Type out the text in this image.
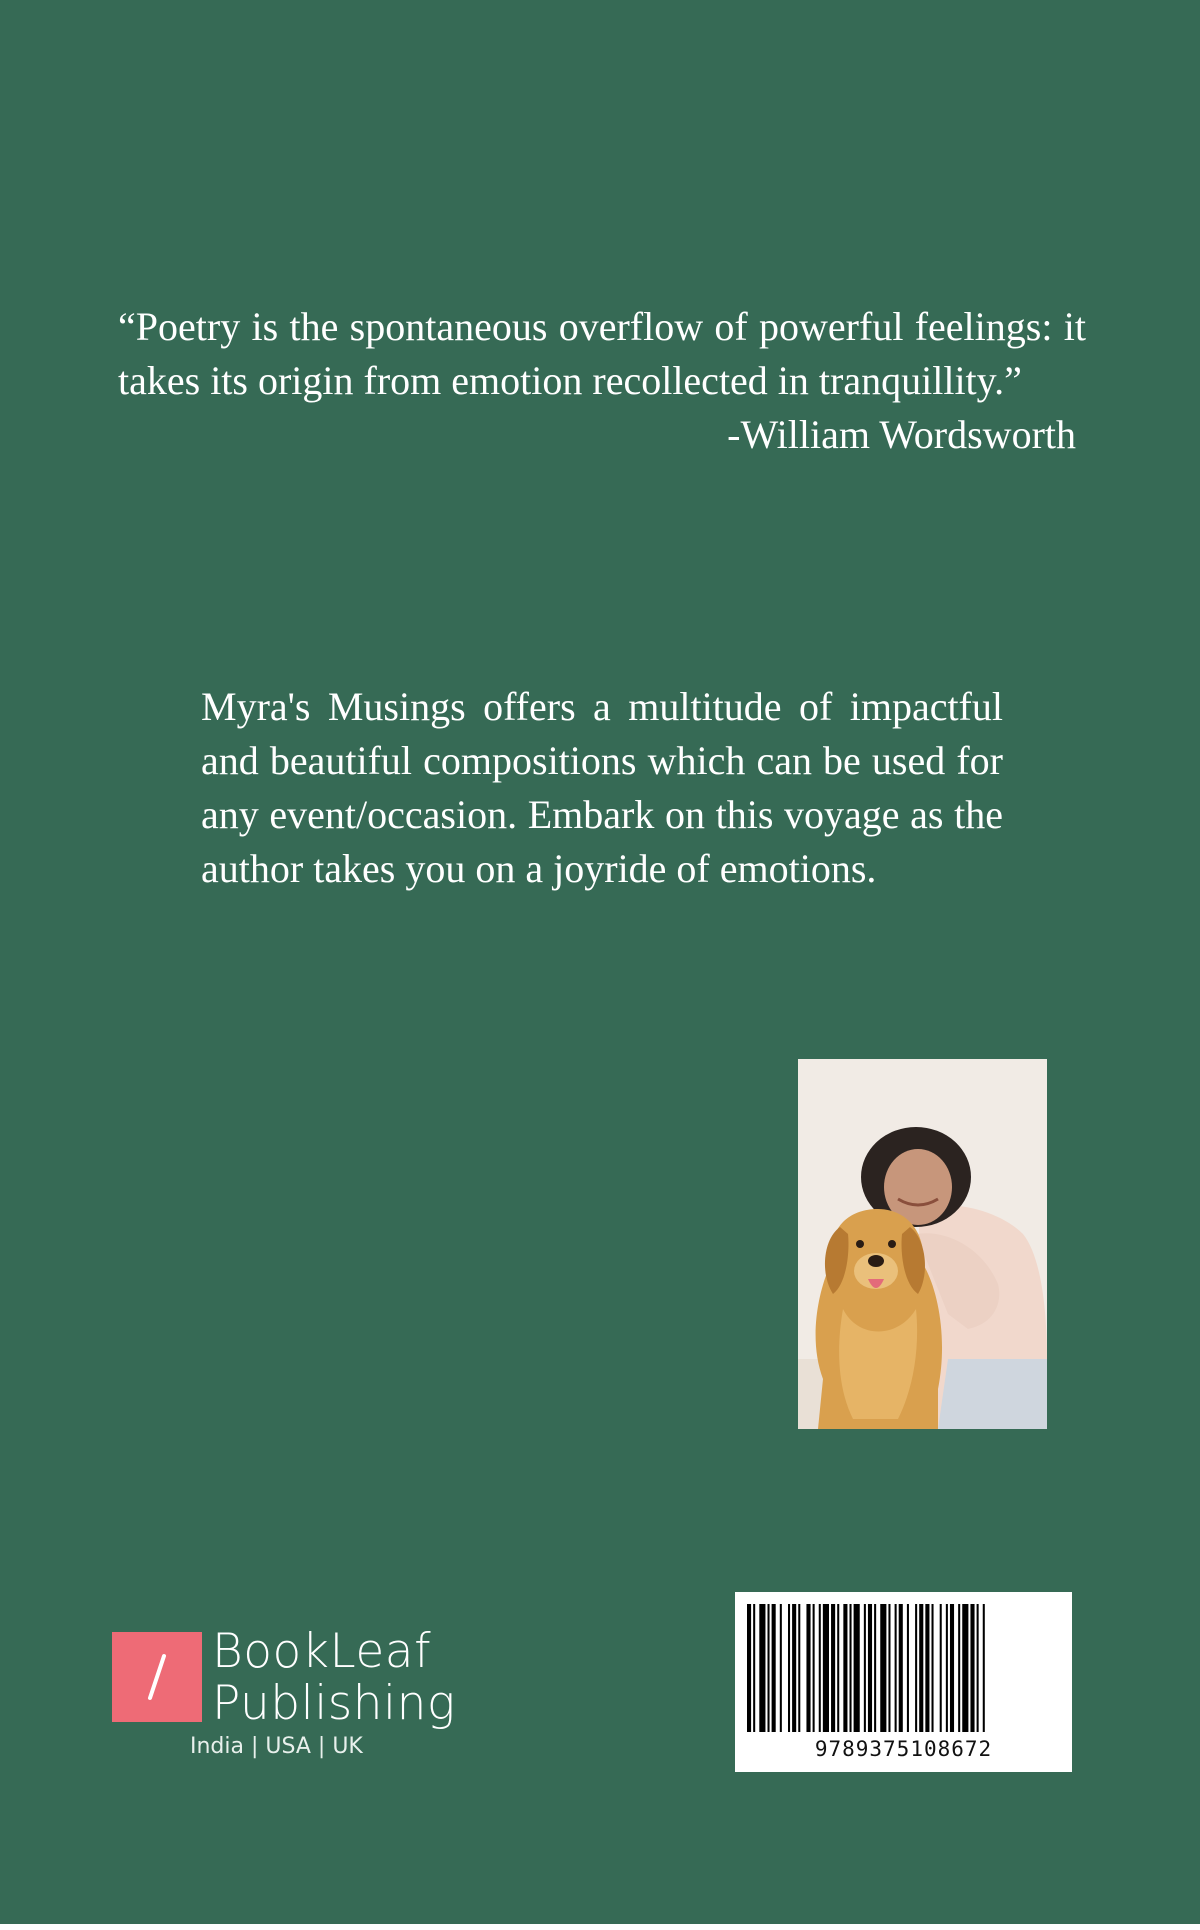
“Poetry is the spontaneous overflow of powerful feelings: it takes its origin from emotion recollected in tranquillity.”

-William Wordsworth

Myra's Musings offers a multitude of impactful and beautiful compositions which can be used for any event/occasion. Embark on this voyage as the author takes you on a joyride of emotions.

BookLeaf
Publishing
India | USA | UK	9789375108672
